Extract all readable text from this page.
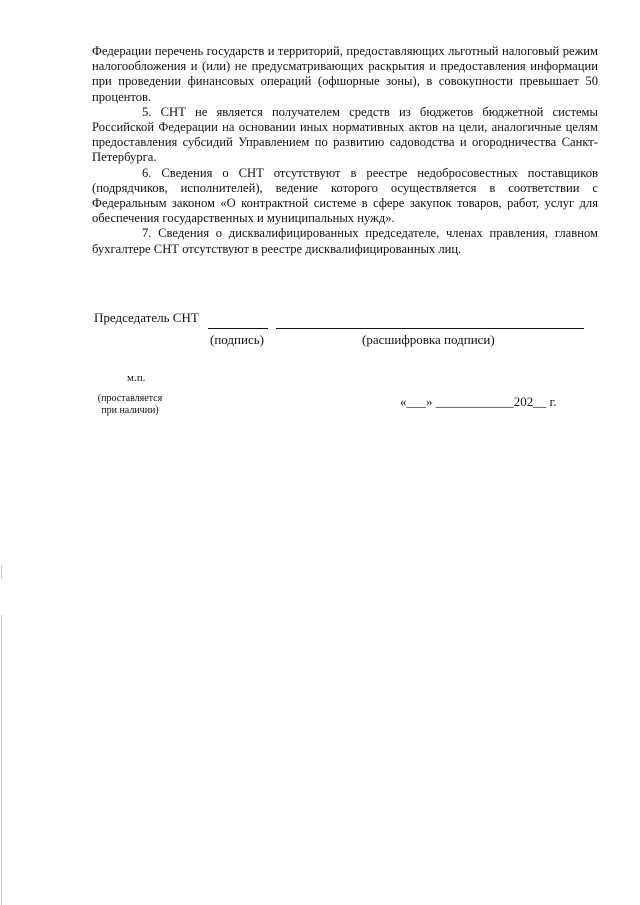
Федерации перечень государств и территорий, предоставляющих льготный налоговый режим налогообложения и (или) не предусматривающих раскрытия и предоставления информации при проведении финансовых операций (офшорные зоны), в совокупности превышает 50 процентов.

5. СНТ не является получателем средств из бюджетов бюджетной системы Российской Федерации на основании иных нормативных актов на цели, аналогичные целям предоставления субсидий Управлением по развитию садоводства и огородничества Санкт-Петербурга.

6. Сведения о СНТ отсутствуют в реестре недобросовестных поставщиков (подрядчиков, исполнителей), ведение которого осуществляется в соответствии с Федеральным законом «О контрактной системе в сфере закупок товаров, работ, услуг для обеспечения государственных и муниципальных нужд».

7. Сведения о дисквалифицированных председателе, членах правления, главном бухгалтере СНТ отсутствуют в реестре дисквалифицированных лиц.

Председатель СНТ
(подпись)	(расшифровка подписи)
м.п.
(проставляется
при наличии)
«___» ____________202__ г.
